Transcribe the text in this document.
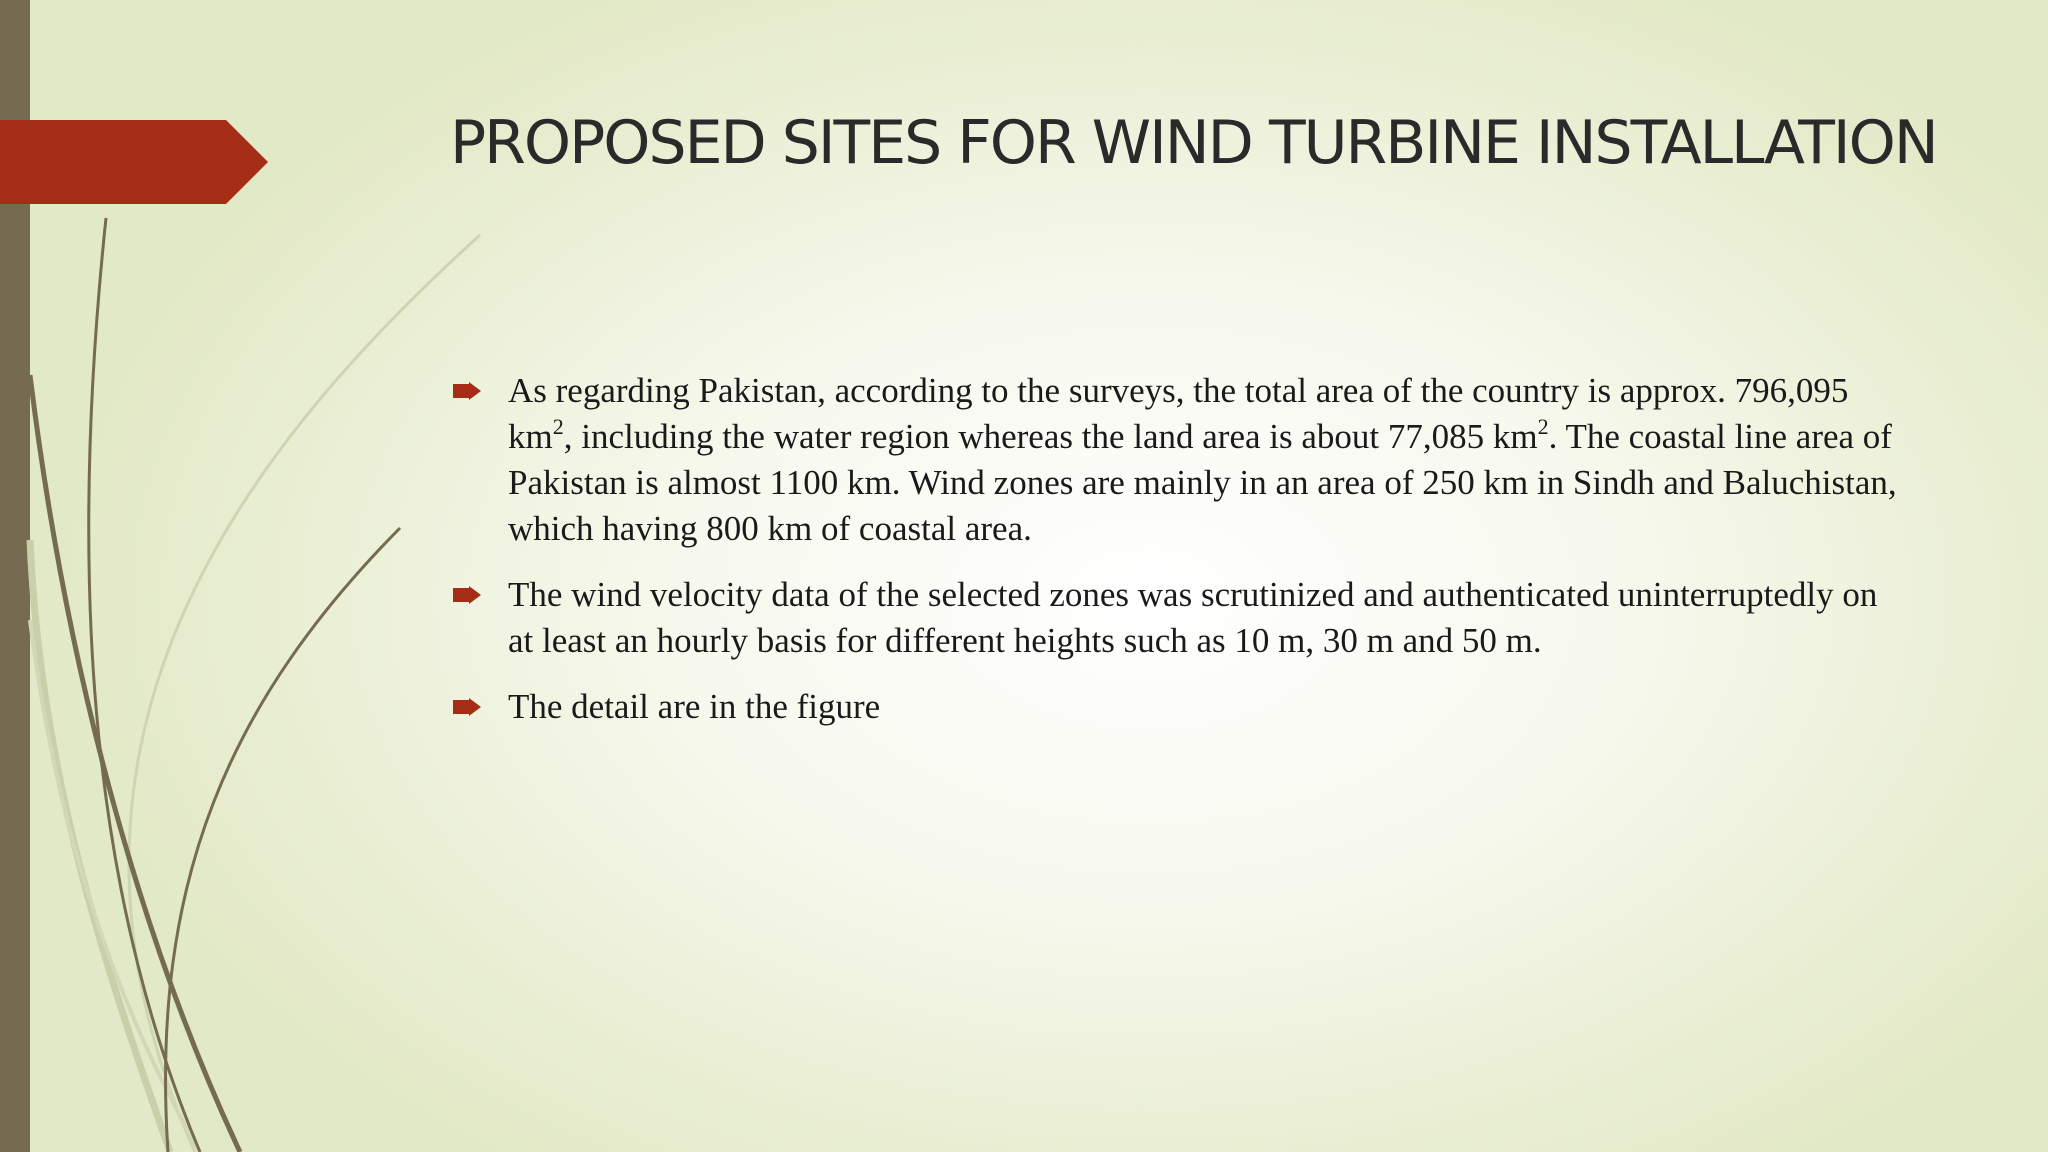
PROPOSED SITES FOR WIND TURBINE INSTALLATION
As regarding Pakistan, according to the surveys, the total area of the country is approx. 796,095 $km^2$, including the water region whereas the land area is about 77,085 $km^2$. The coastal line area of Pakistan is almost 1100 km. Wind zones are mainly in an area of 250 km in Sindh and Baluchistan, which having 800 km of coastal area.
The wind velocity data of the selected zones was scrutinized and authenticated uninterruptedly on at least an hourly basis for different heights such as 10 m, 30 m and 50 m.
The detail are in the figure
